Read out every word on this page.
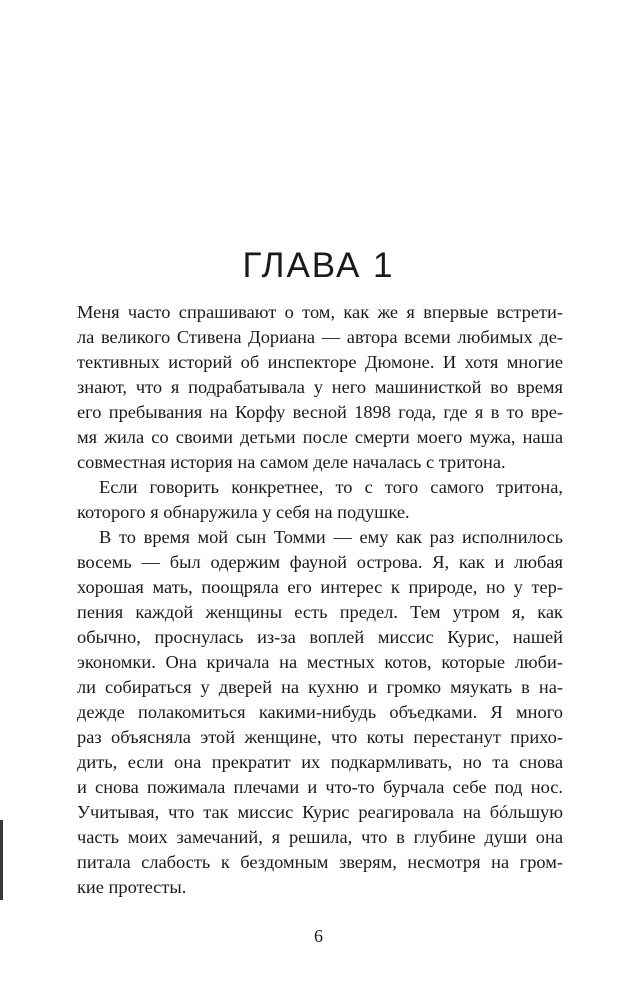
ГЛАВА 1
Меня часто спрашивают о том, как же я впервые встрети-
ла великого Стивена Дориана — автора всеми любимых де-
тективных историй об инспекторе Дюмоне. И хотя многие
знают, что я подрабатывала у него машинисткой во время
его пребывания на Корфу весной 1898 года, где я в то вре-
мя жила со своими детьми после смерти моего мужа, наша
совместная история на самом деле началась с тритона.
Если говорить конкретнее, то с того самого тритона,
которого я обнаружила у себя на подушке.
В то время мой сын Томми — ему как раз исполнилось
восемь — был одержим фауной острова. Я, как и любая
хорошая мать, поощряла его интерес к природе, но у тер-
пения каждой женщины есть предел. Тем утром я, как
обычно, проснулась из-за воплей миссис Курис, нашей
экономки. Она кричала на местных котов, которые люби-
ли собираться у дверей на кухню и громко мяукать в на-
дежде полакомиться какими-нибудь объедками. Я много
раз объясняла этой женщине, что коты перестанут прихо-
дить, если она прекратит их подкармливать, но та снова
и снова пожимала плечами и что-то бурчала себе под нос.
Учитывая, что так миссис Курис реагировала на бóльшую
часть моих замечаний, я решила, что в глубине души она
питала слабость к бездомным зверям, несмотря на гром-
кие протесты.
6
